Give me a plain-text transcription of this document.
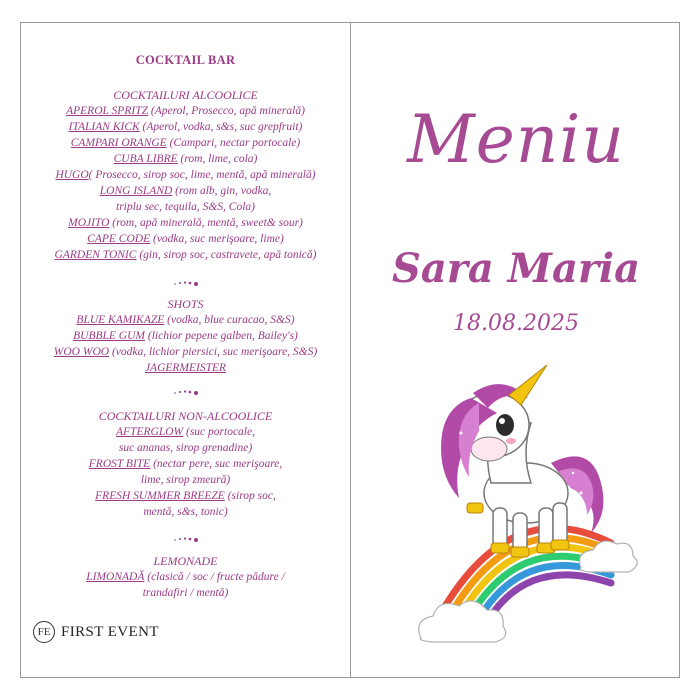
COCKTAIL BAR
COCKTAILURI ALCOOLICE
APEROL SPRITZ (Aperol, Prosecco, apă minerală)
ITALIAN KICK (Aperol, vodka, s&s, suc grepfruit)
CAMPARI ORANGE (Campari, nectar portocale)
CUBA LIBRE (rom, lime, cola)
HUGO( Prosecco, sirop soc, lime, mentă, apă minerală)
LONG ISLAND (rom alb, gin, vodka,
triplu sec, tequila, S&S, Cola)
MOJITO (rom, apă minerală, mentă, sweet& sour)
CAPE CODE (vodka, suc merişoare, lime)
GARDEN TONIC (gin, sirop soc, castravete, apă tonică)
SHOTS
BLUE KAMIKAZE (vodka, blue curacao, S&S)
BUBBLE GUM (lichior pepene galben, Bailey's)
WOO WOO (vodka, lichior piersici, suc merişoare, S&S)
JAGERMEISTER
COCKTAILURI NON-ALCOOLICE
AFTERGLOW (suc portocale,
suc ananas, sirop grenadine)
FROST BITE (nectar pere, suc merişoare,
lime, sirop zmeură)
FRESH SUMMER BREEZE (sirop soc,
mentă, s&s, tonic)
LEMONADE
LIMONADĂ (clasică / soc / fructe pădure /
trandafiri / mentă)
FE FIRST EVENT
Meniu
Sara Maria
18.08.2025
